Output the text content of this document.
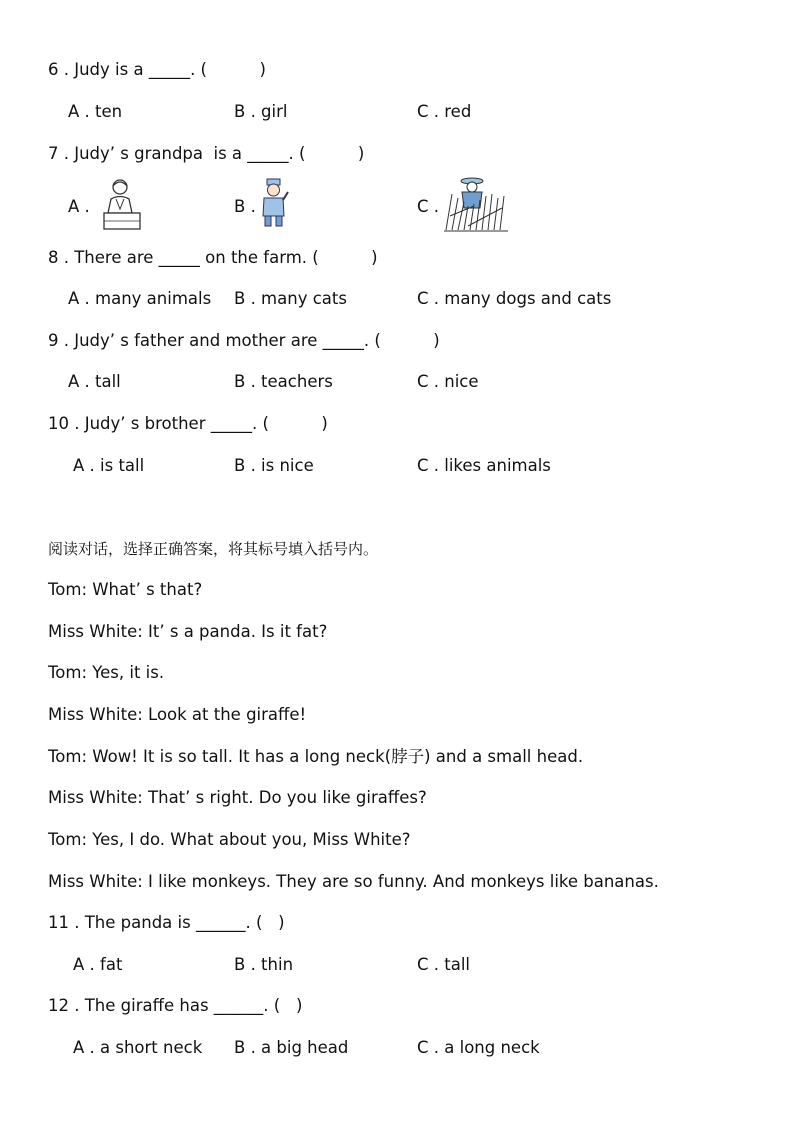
6 . Judy is a _____. (          )
A . ten	B . girl	C . red
7 . Judy’ s grandpa  is a _____. (          )
A .	B .	C .
8 . There are _____ on the farm. (          )
A . many animals B . many cats	C . many dogs and cats
9 . Judy’ s father and mother are _____. (          )
A . tall	B . teachers	C . nice
10 . Judy’ s brother _____. (          )
A . is tall	B . is nice	C . likes animals
阅读对话，选择正确答案，将其标号填入括号内。
Tom: What’ s that?
Miss White: It’ s a panda. Is it fat?
Tom: Yes, it is.
Miss White: Look at the giraffe!
Tom: Wow! It is so tall. It has a long neck(脖子) and a small head.
Miss White: That’ s right. Do you like giraffes?
Tom: Yes, I do. What about you, Miss White?
Miss White: I like monkeys. They are so funny. And monkeys like bananas.
11 . The panda is ______. (   )
A . fat	B . thin	C . tall
12 . The giraffe has ______. (   )
A . a short neck B . a big head	C . a long neck
